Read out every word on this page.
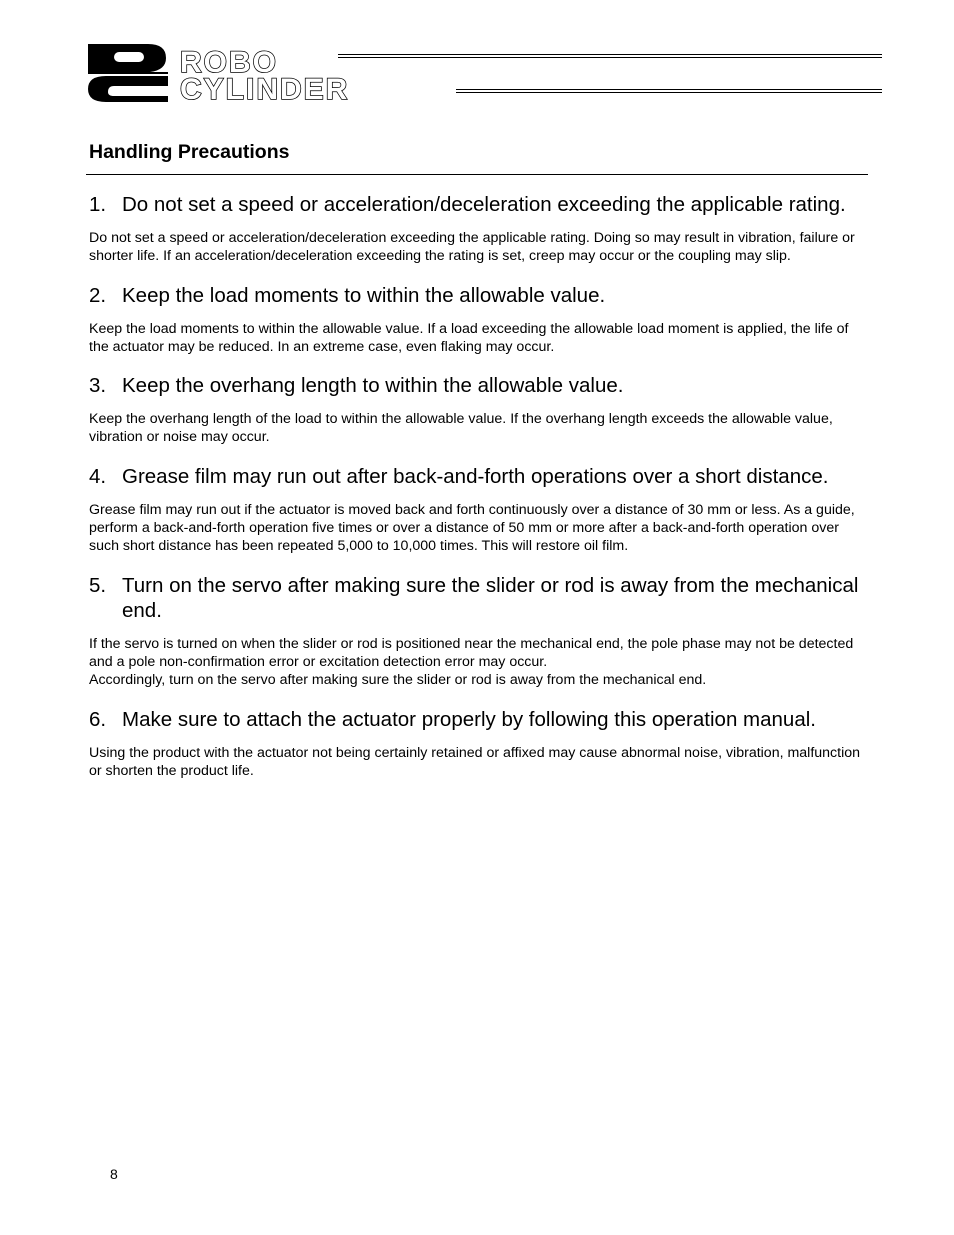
ROBO
CYLINDER
Handling Precautions
1. Do not set a speed or acceleration/deceleration exceeding the applicable rating.
Do not set a speed or acceleration/deceleration exceeding the applicable rating. Doing so may result in vibration, failure or shorter life. If an acceleration/deceleration exceeding the rating is set, creep may occur or the coupling may slip.
2. Keep the load moments to within the allowable value.
Keep the load moments to within the allowable value. If a load exceeding the allowable load moment is applied, the life of the actuator may be reduced. In an extreme case, even flaking may occur.
3. Keep the overhang length to within the allowable value.
Keep the overhang length of the load to within the allowable value. If the overhang length exceeds the allowable value, vibration or noise may occur.
4. Grease film may run out after back-and-forth operations over a short distance.
Grease film may run out if the actuator is moved back and forth continuously over a distance of 30 mm or less. As a guide, perform a back-and-forth operation five times or over a distance of 50 mm or more after a back-and-forth operation over such short distance has been repeated 5,000 to 10,000 times. This will restore oil film.
5. Turn on the servo after making sure the slider or rod is away from the mechanical end.
If the servo is turned on when the slider or rod is positioned near the mechanical end, the pole phase may not be detected and a pole non-confirmation error or excitation detection error may occur.
Accordingly, turn on the servo after making sure the slider or rod is away from the mechanical end.
6. Make sure to attach the actuator properly by following this operation manual.
Using the product with the actuator not being certainly retained or affixed may cause abnormal noise, vibration, malfunction or shorten the product life.
8
